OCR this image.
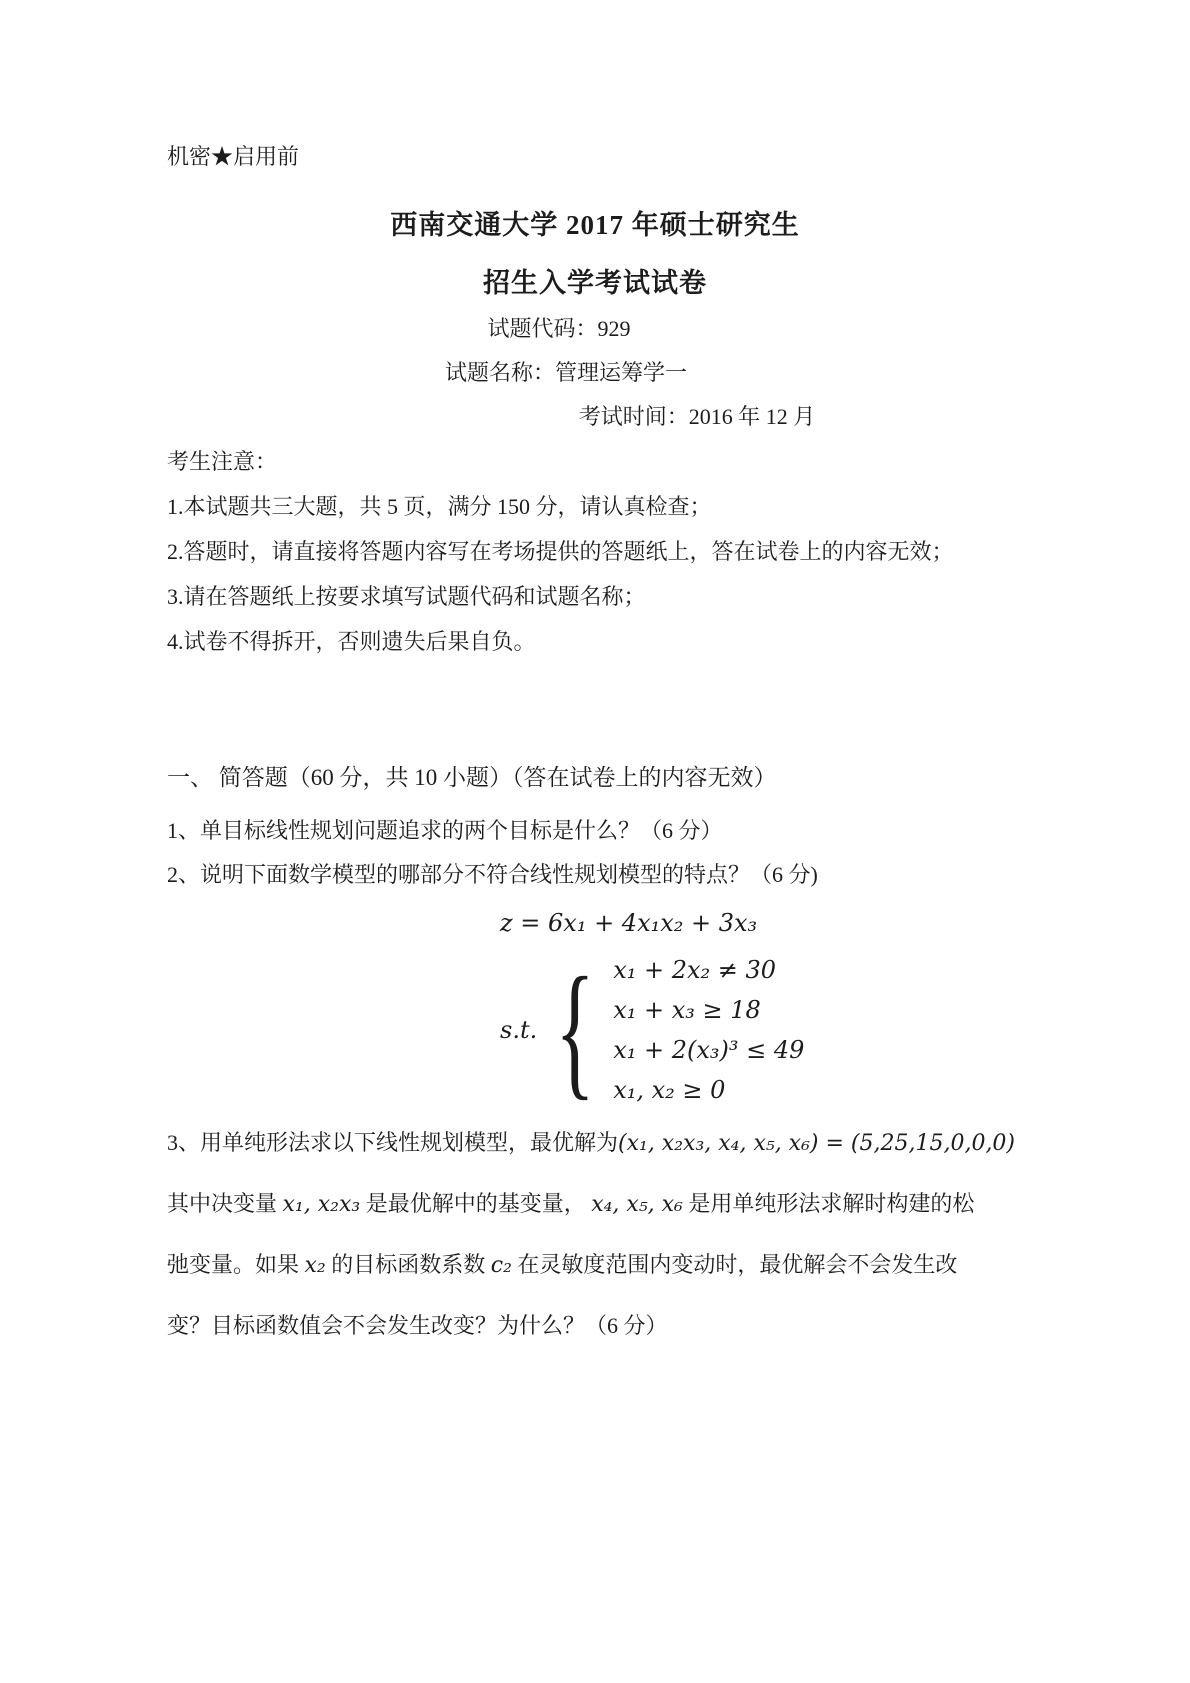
机密★启用前
西南交通大学 2017 年硕士研究生
招生入学考试试卷
试题代码：929
试题名称：管理运筹学一
考试时间：2016 年 12 月
考生注意：
1.本试题共三大题，共 5 页，满分 150 分，请认真检查；
2.答题时，请直接将答题内容写在考场提供的答题纸上，答在试卷上的内容无效；
3.请在答题纸上按要求填写试题代码和试题名称；
4.试卷不得拆开，否则遗失后果自负。
一、 简答题（60 分，共 10 小题）（答在试卷上的内容无效）
1、单目标线性规划问题追求的两个目标是什么？（6 分）
2、说明下面数学模型的哪部分不符合线性规划模型的特点？（6 分)
z = 6x₁ + 4x₁x₂ + 3x₃
s.t. { x₁ + 2x₂ ≠ 30
x₁ + x₃ ≥ 18
x₁ + 2(x₃)³ ≤ 49
x₁, x₂ ≥ 0
3、用单纯形法求以下线性规划模型，最优解为(x₁, x₂x₃, x₄, x₅, x₆) = (5,25,15,0,0,0)
其中决变量 x₁, x₂x₃ 是最优解中的基变量， x₄, x₅, x₆ 是用单纯形法求解时构建的松
弛变量。如果 x₂ 的目标函数系数 c₂ 在灵敏度范围内变动时，最优解会不会发生改
变？目标函数值会不会发生改变？为什么？（6 分）
